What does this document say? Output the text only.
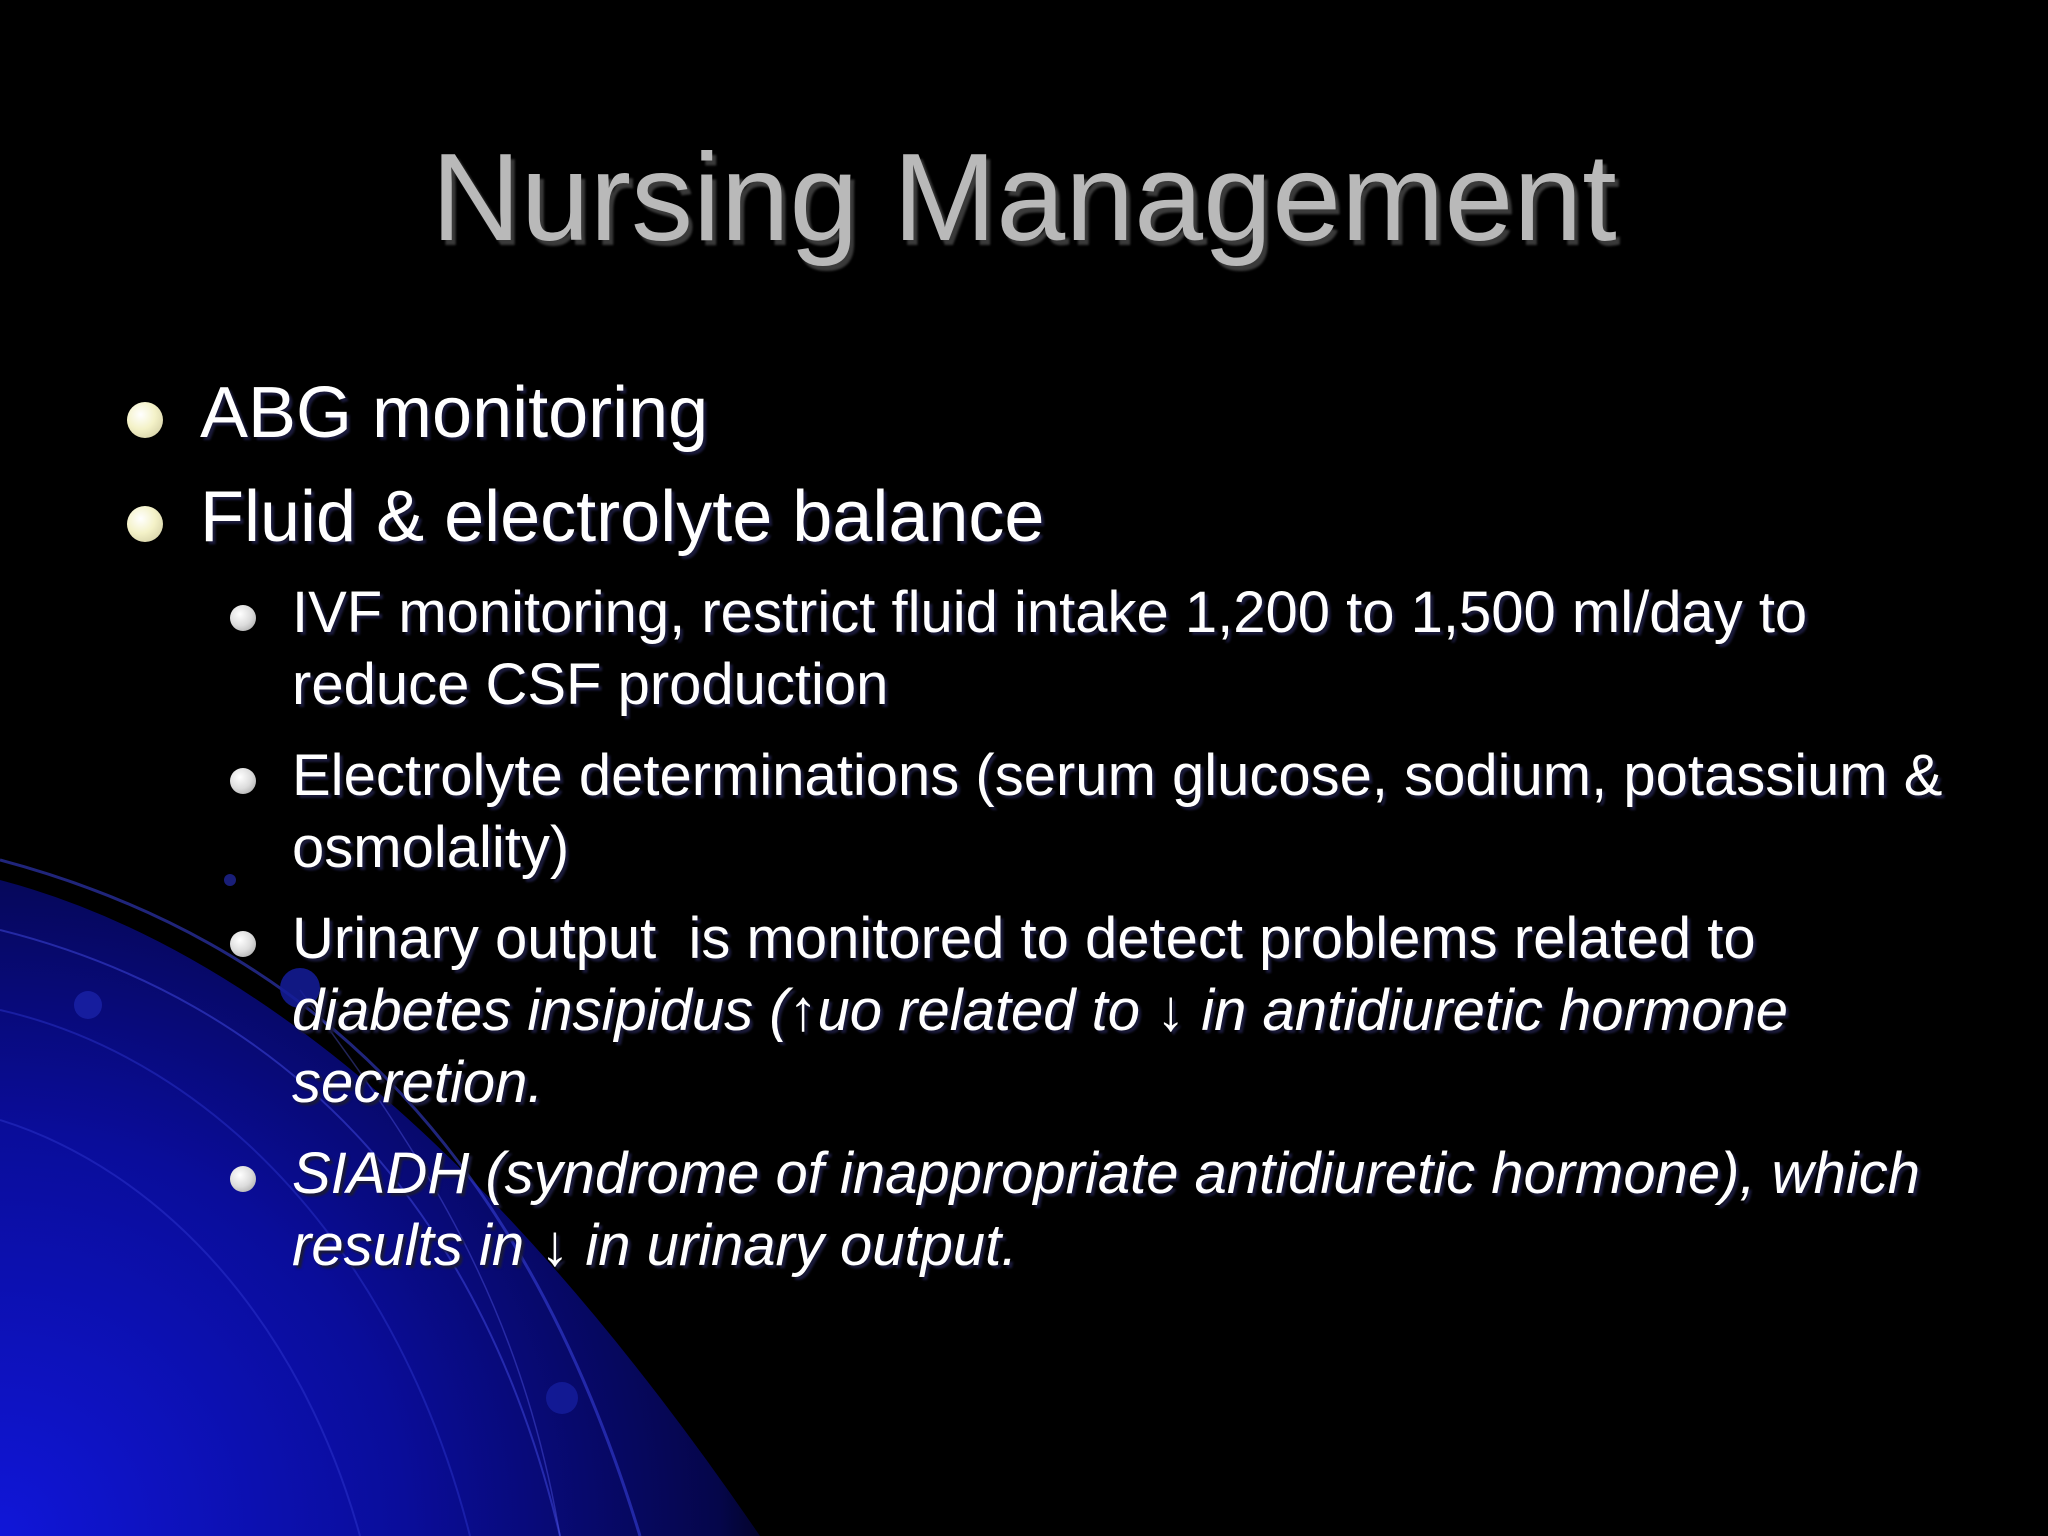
Nursing Management
ABG monitoring
Fluid & electrolyte balance
IVF monitoring, restrict fluid intake 1,200 to 1,500 ml/day to reduce CSF production
Electrolyte determinations (serum glucose, sodium, potassium & osmolality)
Urinary output  is monitored to detect problems related to diabetes insipidus (↑uo related to ↓ in antidiuretic hormone secretion.
SIADH (syndrome of inappropriate antidiuretic hormone), which results in ↓ in urinary output.
